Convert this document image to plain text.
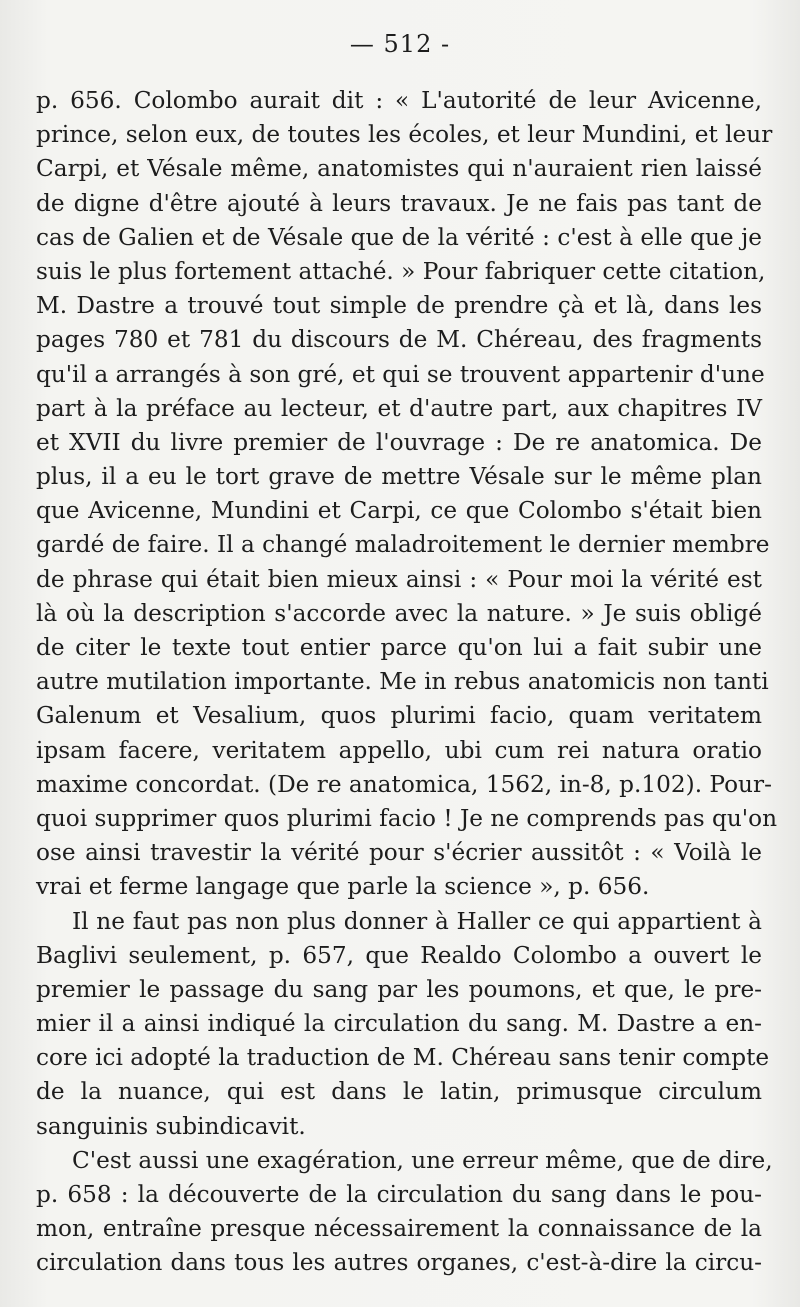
— 512 -
p. 656. Colombo aurait dit : « L'autorité de leur Avicenne,
prince, selon eux, de toutes les écoles, et leur Mundini, et leur
Carpi, et Vésale même, anatomistes qui n'auraient rien laissé
de digne d'être ajouté à leurs travaux. Je ne fais pas tant de
cas de Galien et de Vésale que de la vérité : c'est à elle que je
suis le plus fortement attaché. » Pour fabriquer cette citation,
M. Dastre a trouvé tout simple de prendre çà et là, dans les
pages 780 et 781 du discours de M. Chéreau, des fragments
qu'il a arrangés à son gré, et qui se trouvent appartenir d'une
part à la préface au lecteur, et d'autre part, aux chapitres IV
et XVII du livre premier de l'ouvrage : De re anatomica. De
plus, il a eu le tort grave de mettre Vésale sur le même plan
que Avicenne, Mundini et Carpi, ce que Colombo s'était bien
gardé de faire. Il a changé maladroitement le dernier membre
de phrase qui était bien mieux ainsi : « Pour moi la vérité est
là où la description s'accorde avec la nature. » Je suis obligé
de citer le texte tout entier parce qu'on lui a fait subir une
autre mutilation importante. Me in rebus anatomicis non tanti
Galenum et Vesalium, quos plurimi facio, quam veritatem
ipsam facere, veritatem appello, ubi cum rei natura oratio
maxime concordat. (De re anatomica, 1562, in-8, p.102). Pour-
quoi supprimer quos plurimi facio ! Je ne comprends pas qu'on
ose ainsi travestir la vérité pour s'écrier aussitôt : « Voilà le
vrai et ferme langage que parle la science », p. 656.
Il ne faut pas non plus donner à Haller ce qui appartient à
Baglivi seulement, p. 657, que Realdo Colombo a ouvert le
premier le passage du sang par les poumons, et que, le pre-
mier il a ainsi indiqué la circulation du sang. M. Dastre a en-
core ici adopté la traduction de M. Chéreau sans tenir compte
de la nuance, qui est dans le latin, primusque circulum
sanguinis subindicavit.
C'est aussi une exagération, une erreur même, que de dire,
p. 658 : la découverte de la circulation du sang dans le pou-
mon, entraîne presque nécessairement la connaissance de la
circulation dans tous les autres organes, c'est-à-dire la circu-
